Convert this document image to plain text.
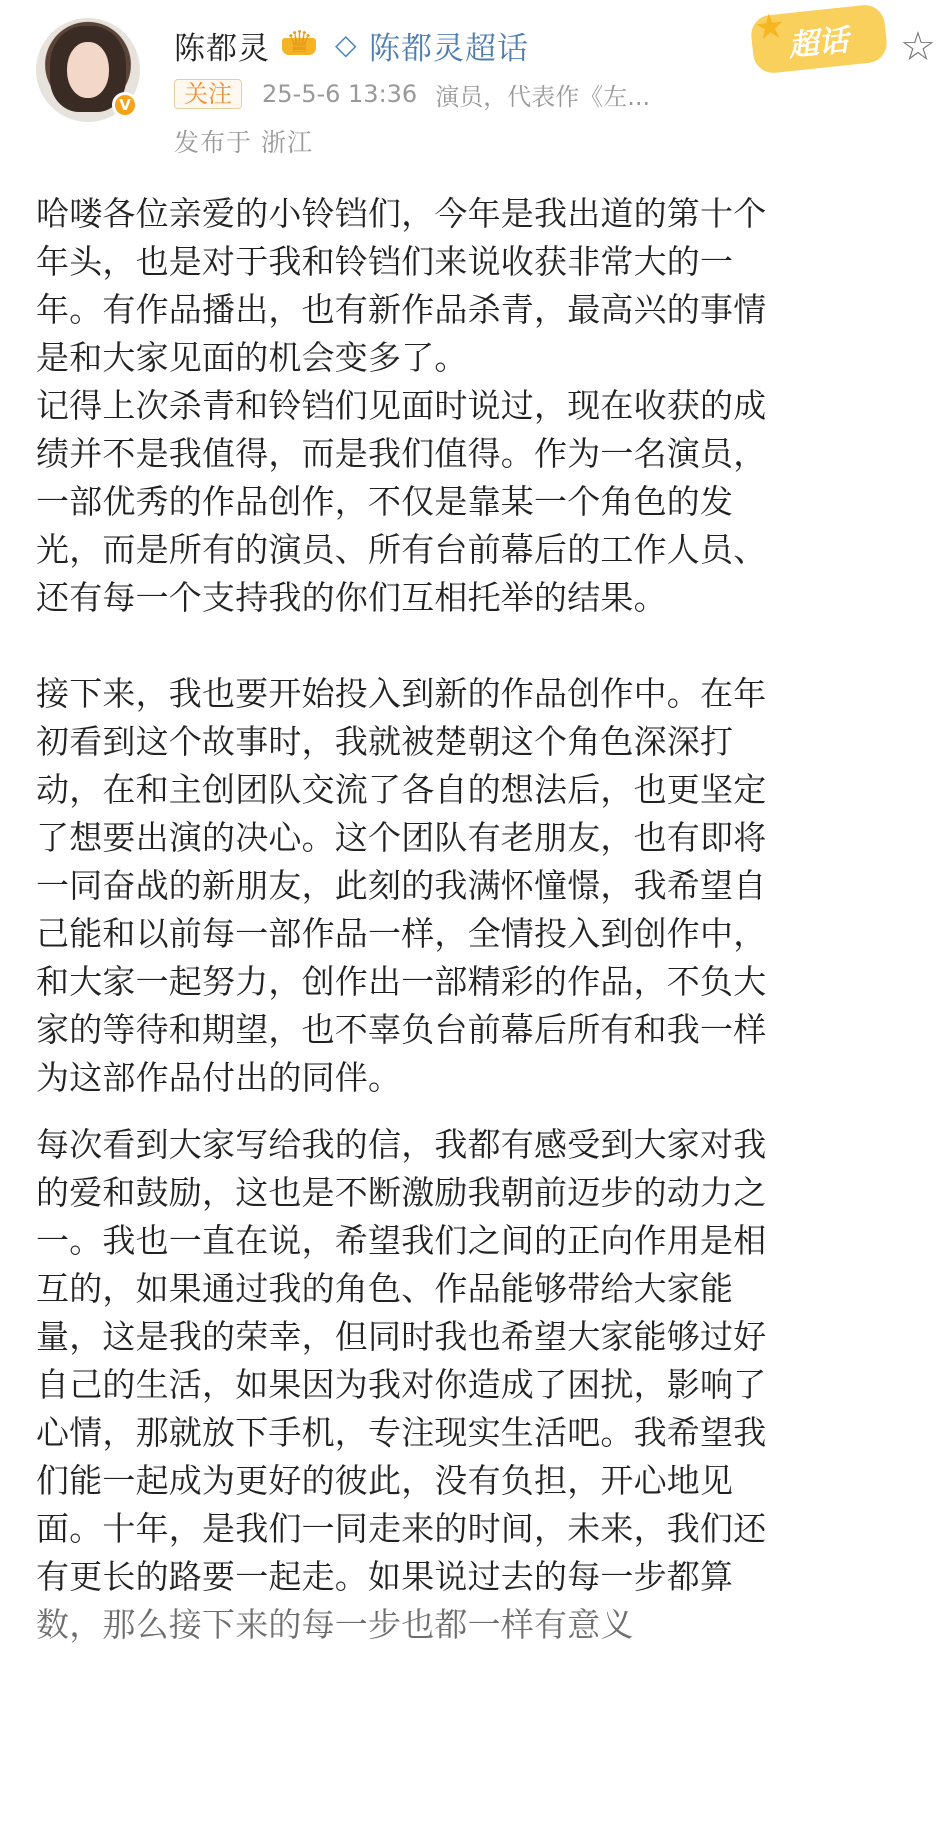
V
陈都灵
♛ ◇ 陈都灵超话	★ 超话 ☆
关注	25-5-6 13:36 演员，代表作《左...
发布于 浙江
哈喽各位亲爱的小铃铛们，今年是我出道的第十个
年头，也是对于我和铃铛们来说收获非常大的一
年。有作品播出，也有新作品杀青，最高兴的事情
是和大家见面的机会变多了。
记得上次杀青和铃铛们见面时说过，现在收获的成
绩并不是我值得，而是我们值得。作为一名演员，
一部优秀的作品创作，不仅是靠某一个角色的发
光，而是所有的演员、所有台前幕后的工作人员、
还有每一个支持我的你们互相托举的结果。
接下来，我也要开始投入到新的作品创作中。在年
初看到这个故事时，我就被楚朝这个角色深深打
动，在和主创团队交流了各自的想法后，也更坚定
了想要出演的决心。这个团队有老朋友，也有即将
一同奋战的新朋友，此刻的我满怀憧憬，我希望自
己能和以前每一部作品一样，全情投入到创作中，
和大家一起努力，创作出一部精彩的作品，不负大
家的等待和期望，也不辜负台前幕后所有和我一样
为这部作品付出的同伴。
每次看到大家写给我的信，我都有感受到大家对我
的爱和鼓励，这也是不断激励我朝前迈步的动力之
一。我也一直在说，希望我们之间的正向作用是相
互的，如果通过我的角色、作品能够带给大家能
量，这是我的荣幸，但同时我也希望大家能够过好
自己的生活，如果因为我对你造成了困扰，影响了
心情，那就放下手机，专注现实生活吧。我希望我
们能一起成为更好的彼此，没有负担，开心地见
面。十年，是我们一同走来的时间，未来，我们还
有更长的路要一起走。如果说过去的每一步都算
数，那么接下来的每一步也都一样有意义
